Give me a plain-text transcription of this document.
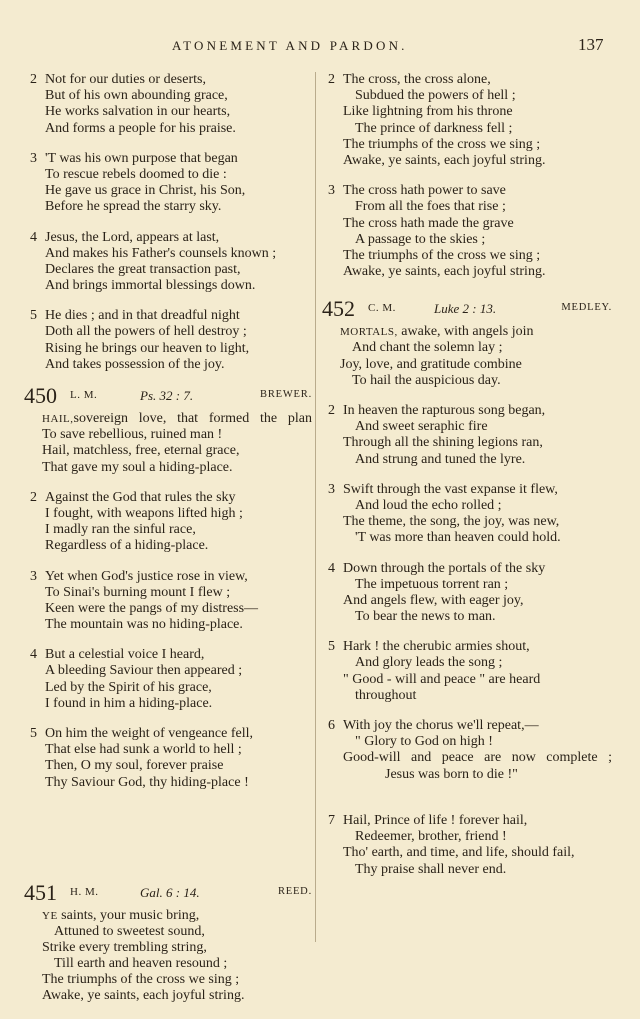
ATONEMENT AND PARDON.	137
2 Not for our duties or deserts,
But of his own abounding grace,
He works salvation in our hearts,
And forms a people for his praise.
3 'T was his own purpose that began
To rescue rebels doomed to die :
He gave us grace in Christ, his Son,
Before he spread the starry sky.
4 Jesus, the Lord, appears at last,
And makes his Father's counsels known ;
Declares the great transaction past,
And brings immortal blessings down.
5 He dies ; and in that dreadful night
Doth all the powers of hell destroy ;
Rising he brings our heaven to light,
And takes possession of the joy.
450 L. M.	Ps. 32 : 7.	BREWER.
HAIL,sovereign love, that formed the plan
To save rebellious, ruined man !
Hail, matchless, free, eternal grace,
That gave my soul a hiding-place.
2 Against the God that rules the sky
I fought, with weapons lifted high ;
I madly ran the sinful race,
Regardless of a hiding-place.
3 Yet when God's justice rose in view,
To Sinai's burning mount I flew ;
Keen were the pangs of my distress—
The mountain was no hiding-place.
4 But a celestial voice I heard,
A bleeding Saviour then appeared ;
Led by the Spirit of his grace,
I found in him a hiding-place.
5 On him the weight of vengeance fell,
That else had sunk a world to hell ;
Then, O my soul, forever praise
Thy Saviour God, thy hiding-place !
451 H. M.	Gal. 6 : 14.	REED.
YE saints, your music bring,
Attuned to sweetest sound,
Strike every trembling string,
Till earth and heaven resound ;
The triumphs of the cross we sing ;
Awake, ye saints, each joyful string.
2 The cross, the cross alone,
Subdued the powers of hell ;
Like lightning from his throne
The prince of darkness fell ;
The triumphs of the cross we sing ;
Awake, ye saints, each joyful string.
3 The cross hath power to save
From all the foes that rise ;
The cross hath made the grave
A passage to the skies ;
The triumphs of the cross we sing ;
Awake, ye saints, each joyful string.
452 C. M.	Luke 2 : 13.	MEDLEY.
MORTALS, awake, with angels join
And chant the solemn lay ;
Joy, love, and gratitude combine
To hail the auspicious day.
2 In heaven the rapturous song began,
And sweet seraphic fire
Through all the shining legions ran,
And strung and tuned the lyre.
3 Swift through the vast expanse it flew,
And loud the echo rolled ;
The theme, the song, the joy, was new,
'T was more than heaven could hold.
4 Down through the portals of the sky
The impetuous torrent ran ;
And angels flew, with eager joy,
To bear the news to man.
5 Hark ! the cherubic armies shout,
And glory leads the song ;
" Good - will and peace " are heard
throughout
6 With joy the chorus we'll repeat,—
" Glory to God on high !
Good-will and peace are now complete ;
Jesus was born to die !"
7 Hail, Prince of life ! forever hail,
Redeemer, brother, friend !
Tho' earth, and time, and life, should fail,
Thy praise shall never end.
